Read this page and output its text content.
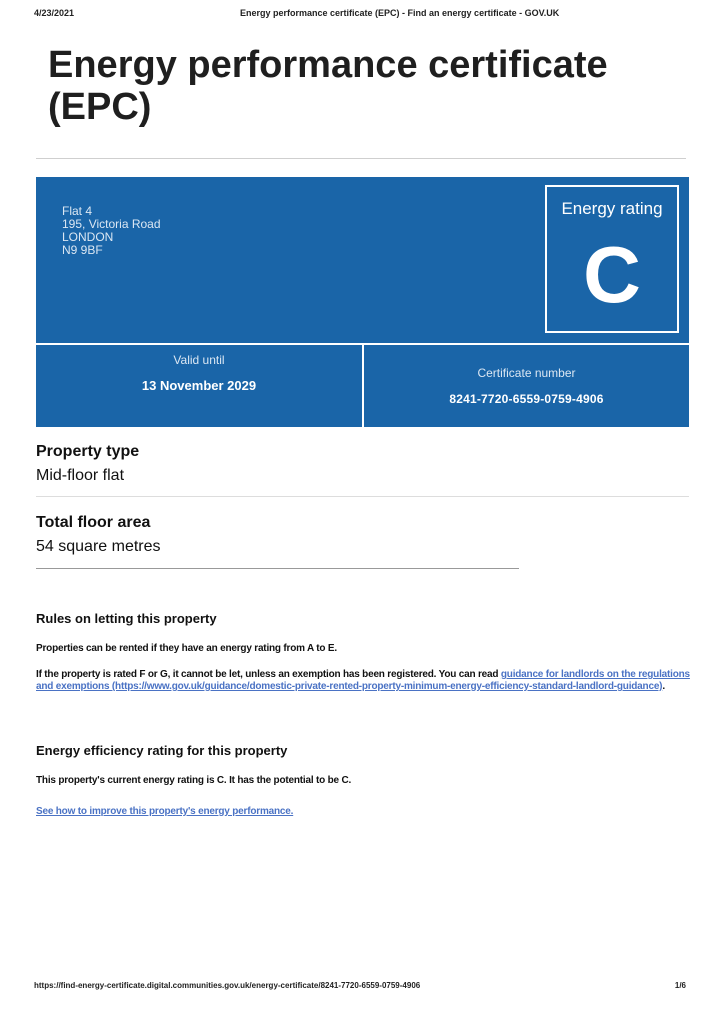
4/23/2021	Energy performance certificate (EPC) - Find an energy certificate - GOV.UK
Energy performance certificate (EPC)
Flat 4
195, Victoria Road
LONDON
N9 9BF
Energy rating
C
Valid until
13 November 2029
Certificate number
8241-7720-6559-0759-4906
Property type

Mid-floor flat

Total floor area

54 square metres

Rules on letting this property

Properties can be rented if they have an energy rating from A to E.

If the property is rated F or G, it cannot be let, unless an exemption has been registered. You can read guidance for landlords on the regulations and exemptions (https://www.gov.uk/guidance/domestic-private-rented-property-minimum-energy-efficiency-standard-landlord-guidance).

Energy efficiency rating for this property

This property's current energy rating is C. It has the potential to be C.

See how to improve this property's energy performance.

https://find-energy-certificate.digital.communities.gov.uk/energy-certificate/8241-7720-6559-0759-4906	1/6
